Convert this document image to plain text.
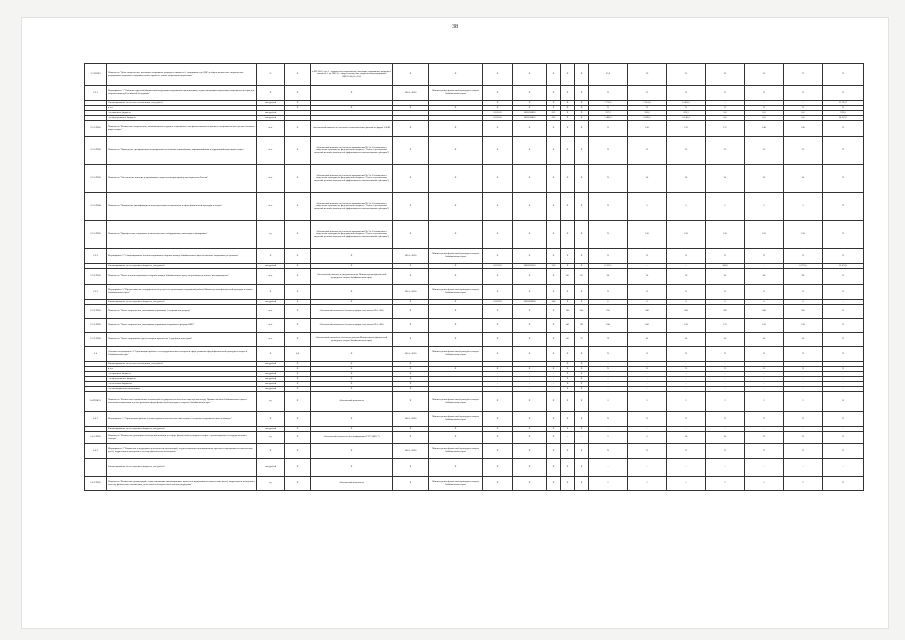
38
2.3 ПОКЗ	Показатель "Доля спортсменов, имеющих спортивные разряды и звания от 1 спортивного до ЗМС в общем количестве спортсменов-разрядников спортивно-оздоровительных групп на этапах спортивной подготовки"	%	X	в ЕП-1010, где А - количество спортсменов, имеющих спортивные разряды и звания от 1 до ЗМС Б - общее количество спортсменов-разрядников (ЦП-1010) В х 100	X	X	X	X	X	X	X	23,6	19	21	23	25	27	X
2.3.1	Мероприятие 1 "Оказание адресной финансовой поддержки спортивным организациям, осуществляющим подготовку спортивного резерва для сборных команд Российской Федерации"	X	X	X	2014 - 2020	Министерство физической культуры и спорта Забайкальского края	X	X	X	X	X	X	X	X	X	X	X	X
	Финансирование за счет всех источников, тыс.рублей	тыс.рублей	X				X	X	X	X	X	7 718,1	7 051,8	6 463,6	-	-	-	21 232,7
	в т.ч.		X	X	X	X	X	X	X	X	X	X	X	X	X	X	X	X
	- из краевого бюджета	тыс.рублей					0111103	1820350810	612	X	X	237,2	352,6	323,2	0,0	0,0	0,0	913,0
	- из федерального бюджета	тыс.рублей					0111103	1820350810	612	X	X	7 480,9	6 699,2	6 140,4	0,0	0,0	0,0	20 319,7
2.3.1 ПМ1	Показатель "Количество спортсменов, занимающихся в группах спортивного совершенствования и высшего спортивного мастерства в базовых видах спорта"	чел.	X	Абсолютный показатель (согласно статистическим данным по форме 5-ФК)	X	X	X	X	X	X	X	X	130	133	137	140	145	X
2.3.1 ПМ2	Показатель "Проведение тренировочных мероприятий по базовым олимпийским, паралимпийским и сурдлимпийским видам спорта"	чел.	X	Абсолютный показатель (согласно приложению № 3 к Соглашению о выделении субсидии из федерального бюджета "Отчет о достижении значений целевых показателей эффективности использования субсидии")	X	X	X	X	X	X	X	X	35	35	35	35	35	X
2.3.1 ПМ3	Показатель "Обеспечение питания и проживания спортсменов при проведении первенств России"	чел.	X	Абсолютный показатель (согласно приложению № 3 к Соглашению о выделении субсидии из федерального бюджета "Отчет о достижении значений целевых показателей эффективности использования субсидии")	X	X	X	X	X	X	X	X	30	30	30	30	30	X
2.3.1 ПМ4	Показатель "Повышение квалификации и переподготовка специалистов в сфере физической культуры и спорта"	чел.	X	Абсолютный показатель (согласно приложению № 3 к Соглашению о выделении субсидии из федерального бюджета "Отчет о достижении значений целевых показателей эффективности использования субсидии")	X	X	X	X	X	X	X	X	5	5	5	5	5	X
2.3.1 ПМ5	Показатель "Приобретение спортивно-технологического оборудования, инвентаря и экипировки"	ед.	X	Абсолютный показатель (согласно приложению № 3 к Соглашению о выделении субсидии из федерального бюджета "Отчет о достижении значений целевых показателей эффективности использования субсидии")	X	X	X	X	X	X	X	X	150	150	150	150	150	X
2.3.2	Мероприятие 2 "Стимулирование членов спортивных сборных команд Забайкальского края за высокие спортивные результаты"	X	X	X	2014 - 2020	Министерство физической культуры и спорта Забайкальского края	X	X	X	X	X	X	X	X	X	X	X	X
	Финансирование за счет краевого бюджета, тыс.рублей	тыс.рублей	X	X	X	X	0111103	1820350510	350	X	X	6 319,1	-	-	300,0	-	6 675,0	13 474,1
2.3.2 ПМ1	Показатель "Число членов спортивных сборных команд Забайкальского края, получающих денежное вознаграждение"	чел.	X	Абсолютный показатель (ведомственные Министерства физической культуры и спорта Забайкальского края)	X	X	X	X	X	80	85	90	10	19	20	90	90	X
2.3.3	Мероприятие 3 "Предоставление государственной услуги по организации спортивной работы Министерством физической культуры и спорта Забайкальского края"	X	X	X	2014 - 2020	Министерство физической культуры и спорта Забайкальского края	X	X	X	X	X	X	X	X	X	X	X	X
	Финансирование за счет краевого бюджета, тыс.рублей	тыс.рублей	X	X	X	X	0111103	1820390000	244	X	X	0	0	0	0	0	0	-
2.3.3 ПМ1	Показатель "Число спортсменов, показавших нормативы 1 спортивного разряда"	чел.	X	Абсолютный показатель (согласно форме отчетности № 1-ФК)	X	X	X	X	X	240	245	250	240	240	250	240	250	X
2.3.3 ПМ2	Показатель "Число спортсменов, показавших нормативы спортивного разряда КМС"	чел.	X	Абсолютный показатель (согласно форме отчетности № 1-ФК)	X	X	X	X	X	241	191	180	180	120	113	120	150	X
2.3.3 ПМ3	Показатель "Число спортивных судей, которым присвоены 3 судейские категории"	чел.	X	Абсолютный показатель (согласно данным Министерства физической культуры и спорта Забайкальского края)	X	X	X	X	X	60	79	79	43	30	30	30	30	X
2.4	Основное мероприятие 4 "Организация работы с негосударственным сектором в сфере развития сферы физической культуры и спорта в Забайкальском крае"	X	0,4	X	2014 - 2020	Министерство физической культуры и спорта Забайкальского края	X	X	X	X	X	X	X	X	X	X	X	X
	Финансирование за счет всех источников, тыс.рублей	тыс.рублей	X	X	X					X	X	-	-	-	-	-	-	-
	в т.ч.		X	X	X	X	X	X	X	X	X	X	X	X	X	X	X	X
	- из краевого бюджета	тыс.рублей	X	X	X		-	-	-	X	X	-	-	-	-	-	-	-
	- из федерального бюджета	тыс.рублей	X	X	X		-	-	-	X	X	-	-	-	-	-	-	-
	- из местных бюджетов	тыс.рублей	X	X	X		-	-	-	X	X	-	-	-	-	-	-	-
	- из внебюджетных источников	тыс.рублей	X	X	X		-	-	-	X	X	-	-	-	-	-	-	-
2.4 ПОКЗ 1	Показатель "Количество подписанных соглашений государственно-частного партнерства между Правительством Забайкальского края и частными компаниями в целях развития сферы физической культуры и спорта в Забайкальском крае"	ед.	X	Абсолютный показатель	X	Министерство физической культуры и спорта Забайкальского края	X	X	X	X	X	2	2	2	2	2	2	12
2.4.1	Мероприятие 1 "Организация работы с целью привлечения частных инвесторов к созданию спортивных школ в кампусе"	X	X	X	2014 - 2020	Министерство физической культуры и спорта Забайкальского края	X	X	X	X	X	X	X	X	X	X	X	X
	Финансирование за счет краевого бюджета, тыс.рублей	тыс.рублей	X	X	X	X	X	X	X	X	X	-	-	-	-	-	-	-
2.4.1 ПМ1	Показатель "Количество договоров спонсорской помощи и в сфере физической культуры и спорта с организациями негосударственного сектора"	ед.	X	Абсолютный показатель (по информации ГУЗ "ДЮС")	X	X	X	X	X	-	-	5	6	14	20	25	25	X
2.4.2	Мероприятие 2 "Выявление и поддержка деятельности организаций, осуществляющих инновационные проекты и программы по вовлечению детей, подростков и молодежи в систему физического воспитания"	X	X	X	2014 - 2020	Министерство физической культуры и спорта Забайкальского края	X	X	X	X	X	X	X	X	X	X	X	X
	Финансирование за счет краевого бюджета, тыс.рублей	тыс.рублей	X	X	X	X	X	X	X	X	X	-	-	-	-	-	-	-
2.4.2 ПМ1	Показатель "Количество организаций, осуществляющих инновационные проекты и программы по вовлечению детей, подростков и молодежи в систему физического воспитания, деятельность которых была оказана поддержка"	ед.	X	Абсолютный показатель	X	Министерство физической культуры и спорта Забайкальского края	X	X	X	X	X	1	1	1	2	2	2	X
